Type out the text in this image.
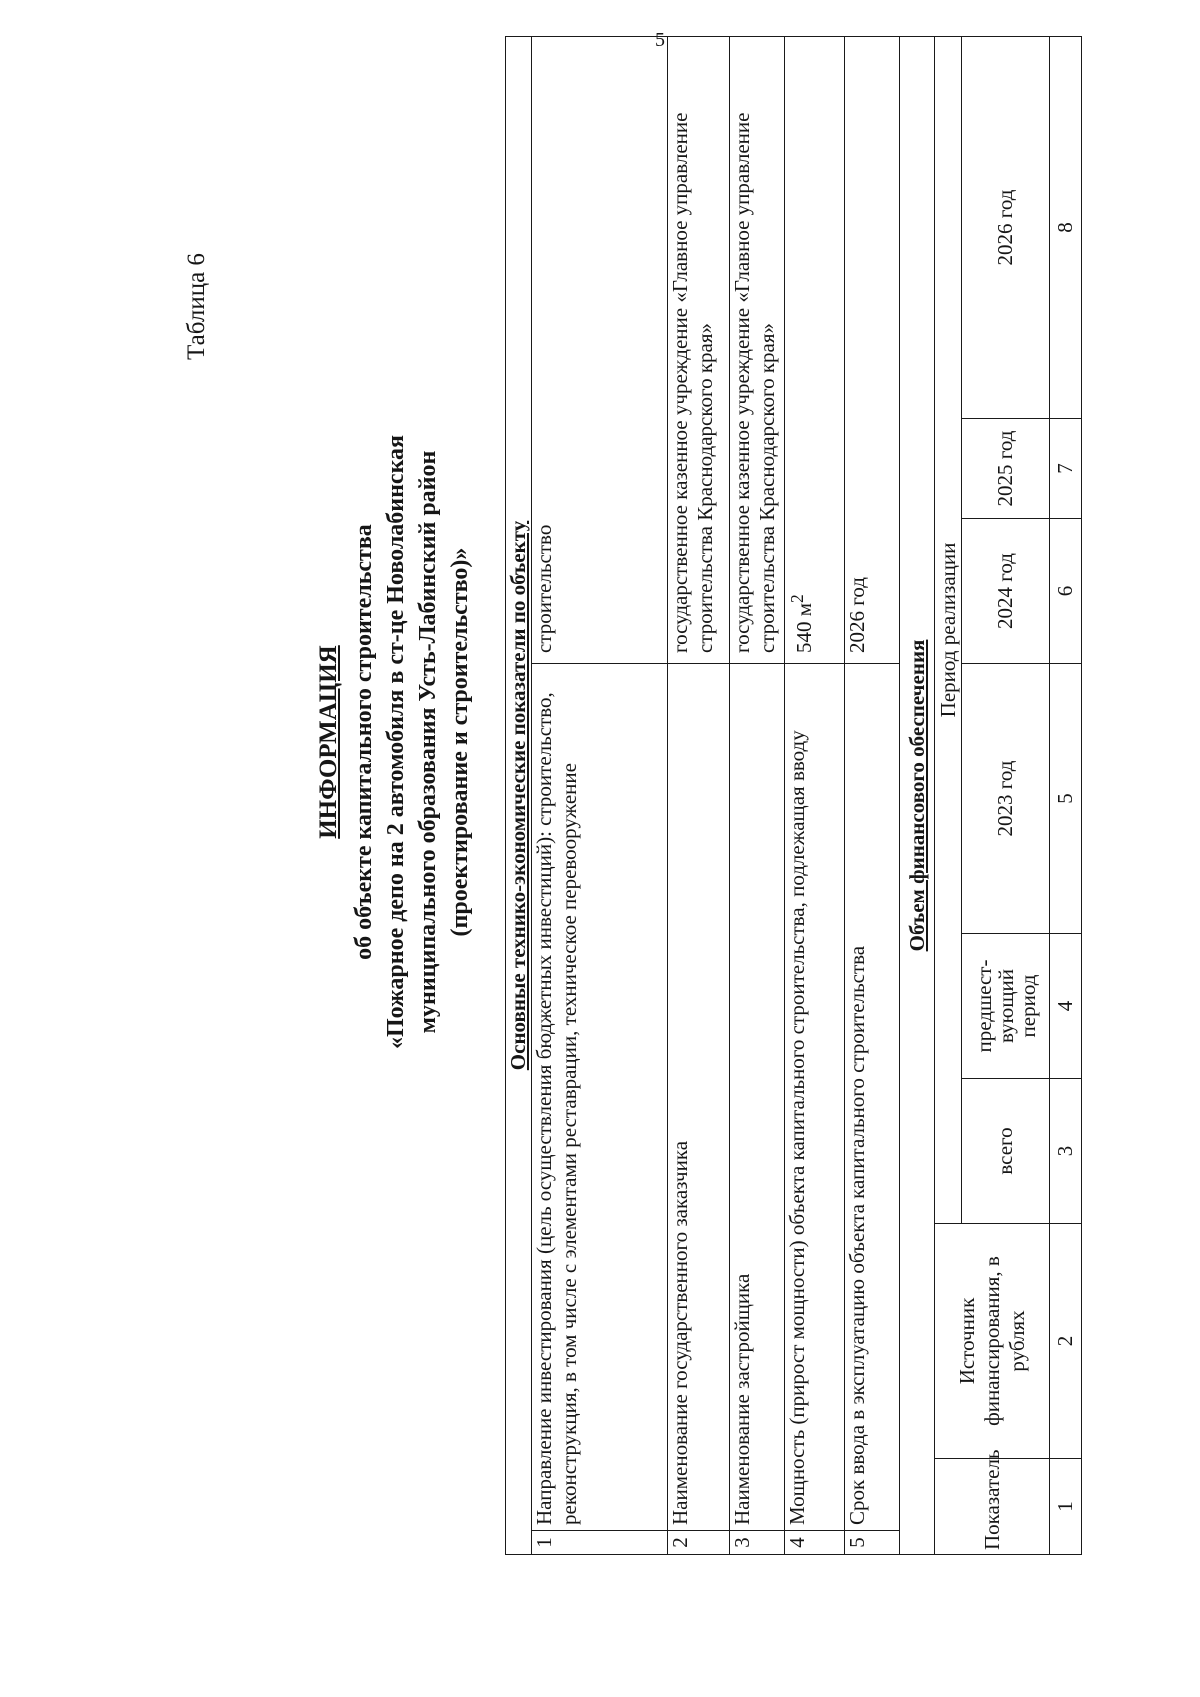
5
Таблица 6
ИНФОРМАЦИЯ об объекте капитального строительства «Пожарное депо на 2 автомобиля в ст-це Новолабинская муниципального образования Усть-Лабинский район (проектирование и строительство)» Основные технико-экономические показатели по объекту								
1	Направление инвестирования (цель осуществления бюджетных инвестиций): строительство, реконструкция, в том числе с элементами реставрации, техническое перевооружение					строительство		
2	Наименование государственного заказчика					государственное казенное учреждение «Главное управление строительства Краснодарского края»		
3	Наименование застройщика					государственное казенное учреждение «Главное управление строительства Краснодарского края»		
4	Мощность (прирост мощности) объекта капитального строительства, подлежащая вводу					540 $м^2$
5	Срок ввода в эксплуатацию объекта капитального строительства					2026 год		
Объем финансового обеспечения								
Показатель		Источник финансирования, в рублях	Период реализации					
			всего	предшест-вующий период	2023 год	2024 год	2025 год	2026 год
1		2	3	4	5	6	7	8
